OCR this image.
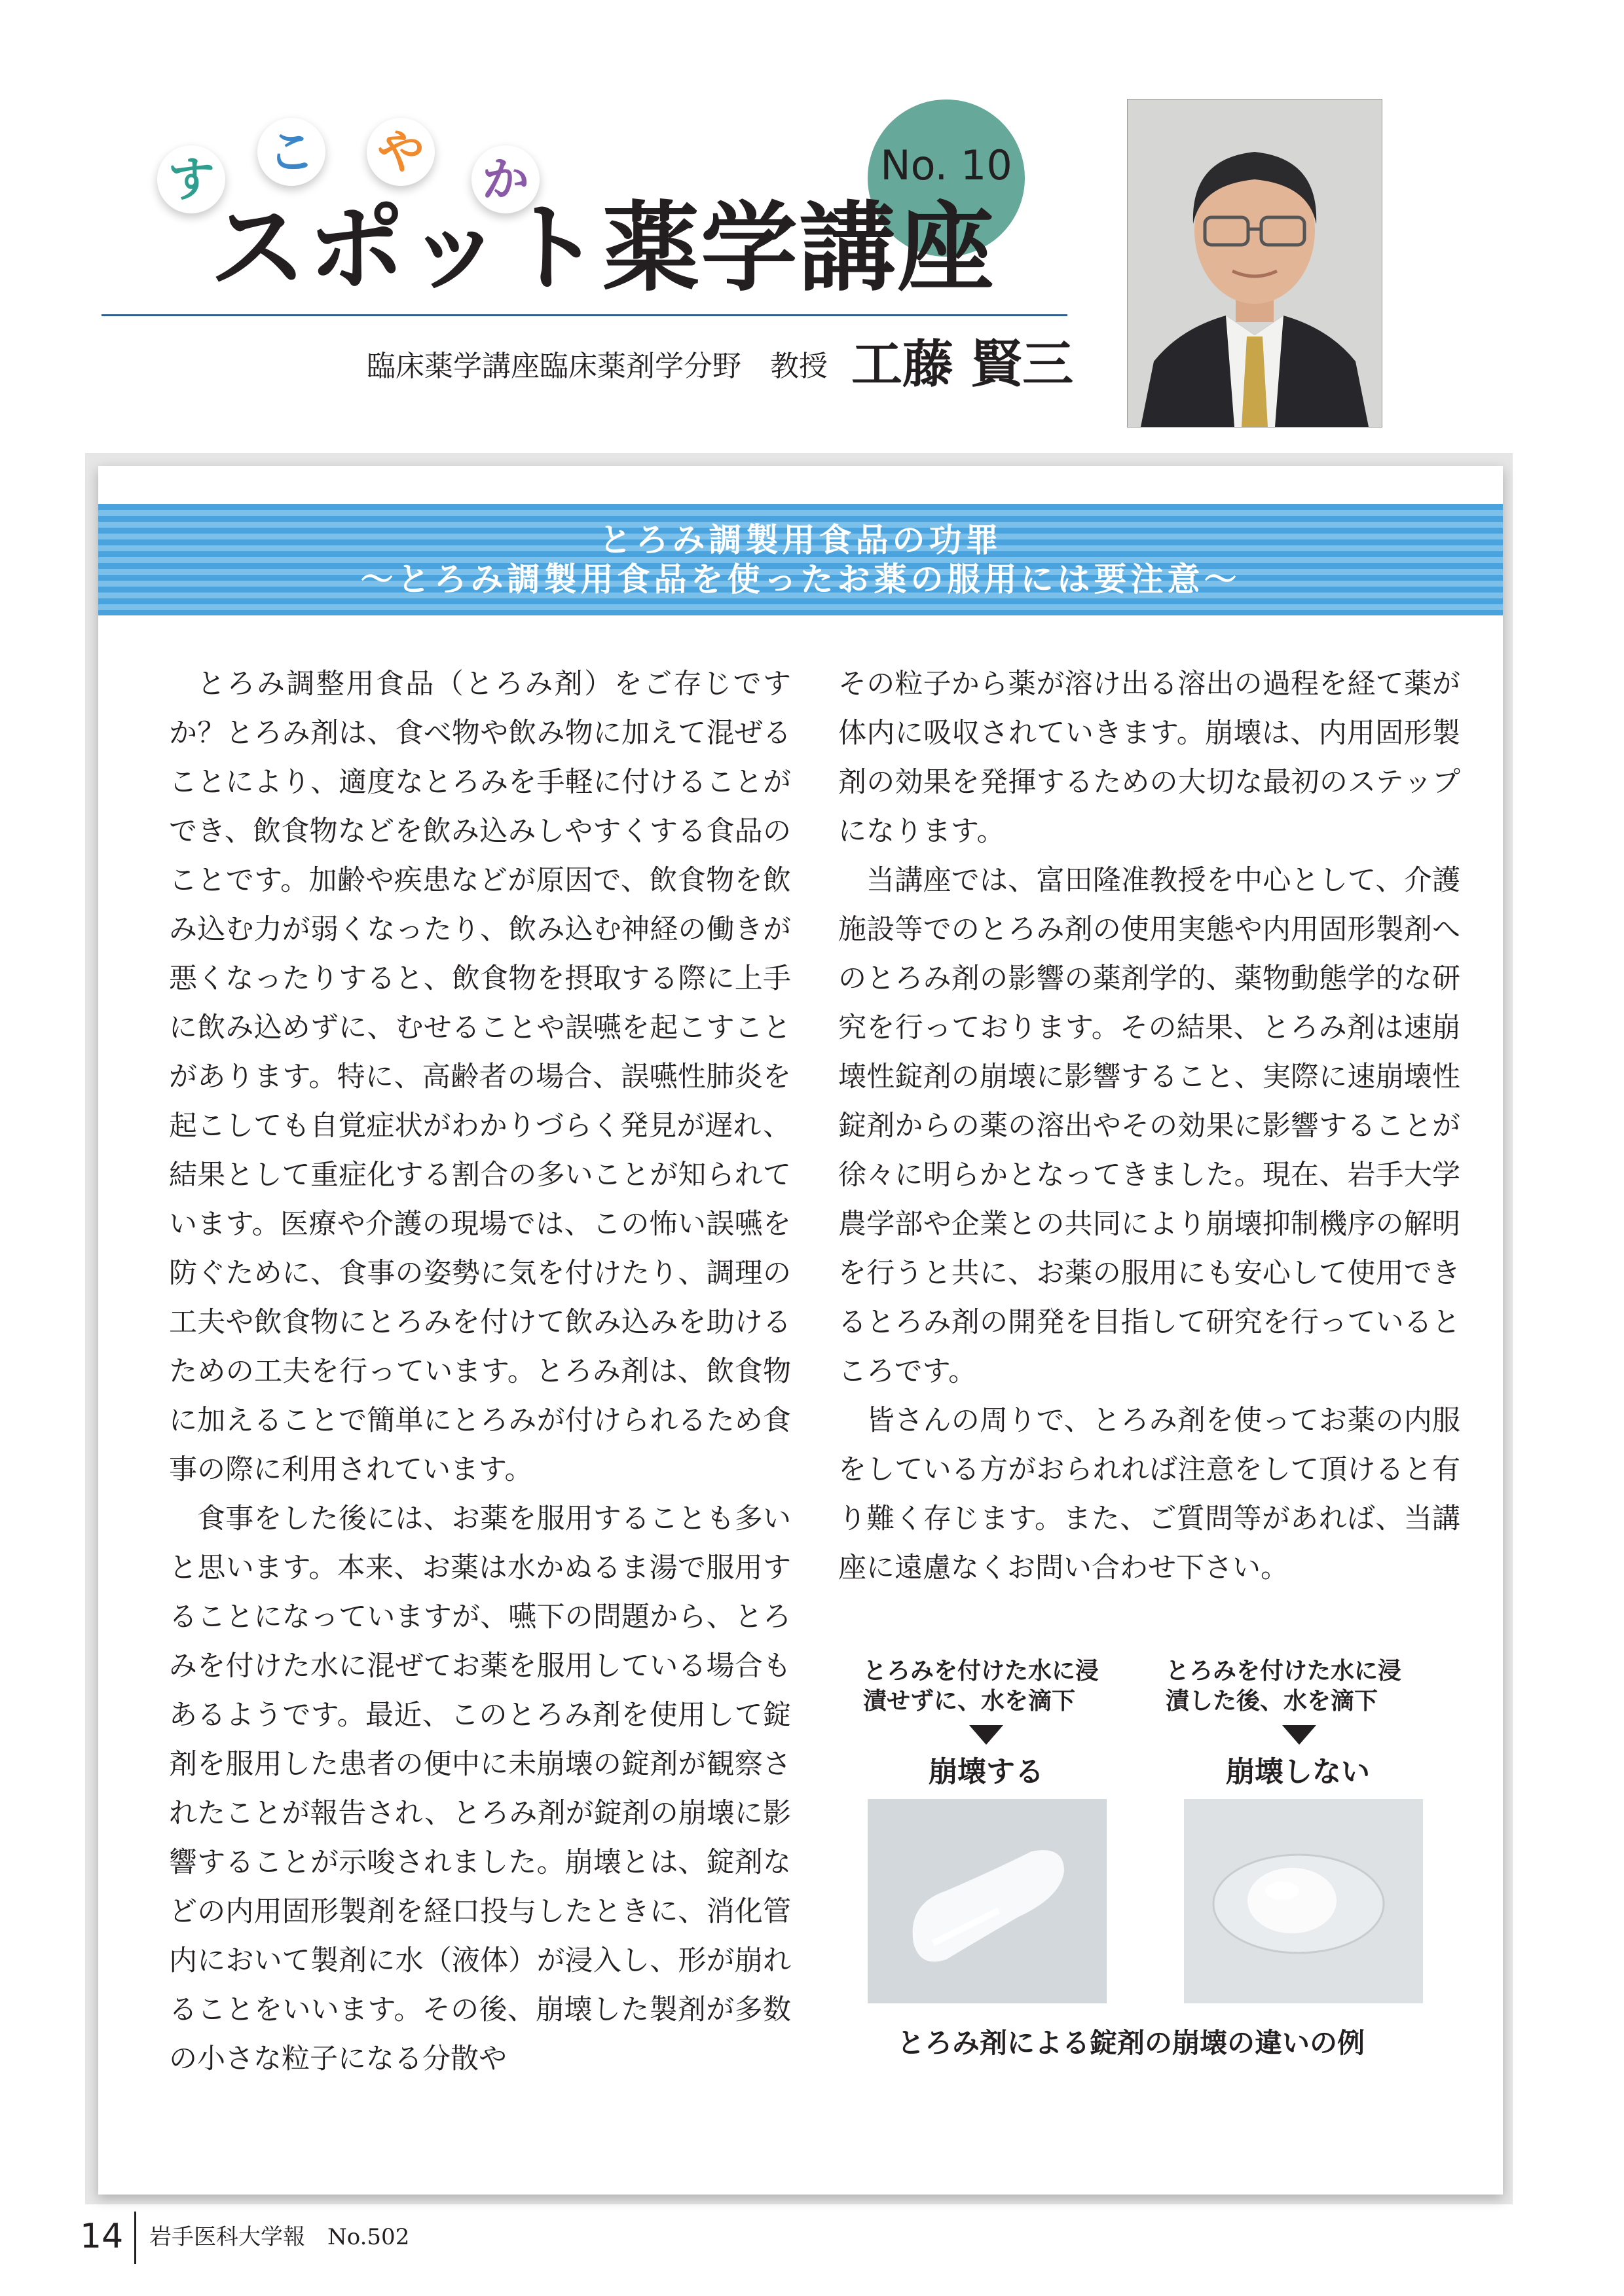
す こ や か	No. 10
スポット薬学講座
臨床薬学講座臨床薬剤学分野　教授 工藤 賢三
とろみ調製用食品の功罪
～とろみ調製用食品を使ったお薬の服用には要注意～

とろみ調整用食品（とろみ剤）をご存じですか？とろみ剤は、食べ物や飲み物に加えて混ぜることにより、適度なとろみを手軽に付けることができ、飲食物などを飲み込みしやすくする食品のことです。加齢や疾患などが原因で、飲食物を飲み込む力が弱くなったり、飲み込む神経の働きが悪くなったりすると、飲食物を摂取する際に上手に飲み込めずに、むせることや誤嚥を起こすことがあります。特に、高齢者の場合、誤嚥性肺炎を起こしても自覚症状がわかりづらく発見が遅れ、結果として重症化する割合の多いことが知られています。医療や介護の現場では、この怖い誤嚥を防ぐために、食事の姿勢に気を付けたり、調理の工夫や飲食物にとろみを付けて飲み込みを助けるための工夫を行っています。とろみ剤は、飲食物に加えることで簡単にとろみが付けられるため食事の際に利用されています。

食事をした後には、お薬を服用することも多いと思います。本来、お薬は水かぬるま湯で服用することになっていますが、嚥下の問題から、とろみを付けた水に混ぜてお薬を服用している場合もあるようです。最近、このとろみ剤を使用して錠剤を服用した患者の便中に未崩壊の錠剤が観察されたことが報告され、とろみ剤が錠剤の崩壊に影響することが示唆されました。崩壊とは、錠剤などの内用固形製剤を経口投与したときに、消化管内において製剤に水（液体）が浸入し、形が崩れることをいいます。その後、崩壊した製剤が多数の小さな粒子になる分散や

その粒子から薬が溶け出る溶出の過程を経て薬が体内に吸収されていきます。崩壊は、内用固形製剤の効果を発揮するための大切な最初のステップになります。

当講座では、富田隆准教授を中心として、介護施設等でのとろみ剤の使用実態や内用固形製剤へのとろみ剤の影響の薬剤学的、薬物動態学的な研究を行っております。その結果、とろみ剤は速崩壊性錠剤の崩壊に影響すること、実際に速崩壊性錠剤からの薬の溶出やその効果に影響することが徐々に明らかとなってきました。現在、岩手大学農学部や企業との共同により崩壊抑制機序の解明を行うと共に、お薬の服用にも安心して使用できるとろみ剤の開発を目指して研究を行っているところです。

皆さんの周りで、とろみ剤を使ってお薬の内服をしている方がおられれば注意をして頂けると有り難く存じます。また、ご質問等があれば、当講座に遠慮なくお問い合わせ下さい。

とろみを付けた水に浸
漬せずに、水を滴下
崩壊する
とろみを付けた水に浸
漬した後、水を滴下
崩壊しない
とろみ剤による錠剤の崩壊の違いの例
14 岩手医科大学報　No.502
